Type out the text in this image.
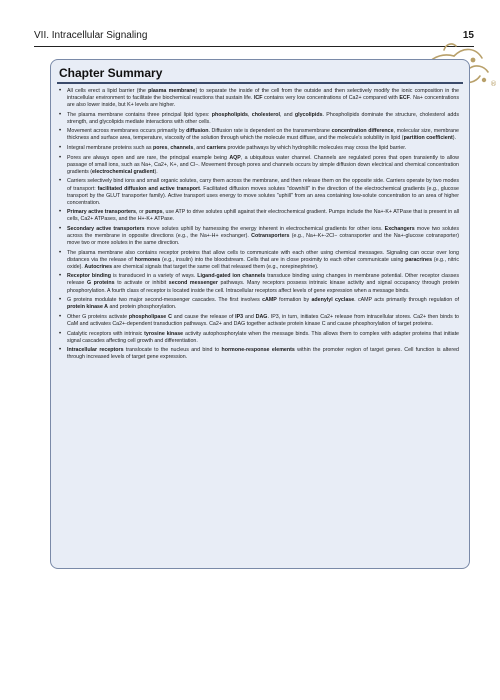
VII. Intracellular Signaling	15
®
Chapter Summary
• All cells erect a lipid barrier (the plasma membrane) to separate the inside of the cell from the outside and then selectively modify the ionic composition in the intracellular environment to facilitate the biochemical reactions that sustain life. ICF contains very low concentrations of Ca2+ compared with ECF. Na+ concentrations are also lower inside, but K+ levels are higher.
• The plasma membrane contains three principal lipid types: phospholipids, cholesterol, and glycolipids. Phospholipids dominate the structure, cholesterol adds strength, and glycolipids mediate interactions with other cells.
• Movement across membranes occurs primarily by diffusion. Diffusion rate is dependent on the transmembrane concentration difference, molecular size, membrane thickness and surface area, temperature, viscosity of the solution through which the molecule must diffuse, and the molecule's solubility in lipid (partition coefficient).
• Integral membrane proteins such as pores, channels, and carriers provide pathways by which hydrophilic molecules may cross the lipid barrier.
• Pores are always open and are rare, the principal example being AQP, a ubiquitous water channel. Channels are regulated pores that open transiently to allow passage of small ions, such as Na+, Ca2+, K+, and Cl−. Movement through pores and channels occurs by simple diffusion down electrical and chemical concentration gradients (electrochemical gradient).
• Carriers selectively bind ions and small organic solutes, carry them across the membrane, and then release them on the opposite side. Carriers operate by two modes of transport: facilitated diffusion and active transport. Facilitated diffusion moves solutes "downhill" in the direction of the electrochemical gradients (e.g., glucose transport by the GLUT transporter family). Active transport uses energy to move solutes "uphill" from an area containing low-solute concentration to an area of higher concentration.
• Primary active transporters, or pumps, use ATP to drive solutes uphill against their electrochemical gradient. Pumps include the Na+-K+ ATPase that is present in all cells, Ca2+ ATPases, and the H+-K+ ATPase.
• Secondary active transporters move solutes uphill by harnessing the energy inherent in electrochemical gradients for other ions. Exchangers move two solutes across the membrane in opposite directions (e.g., the Na+-H+ exchanger). Cotransporters (e.g., Na+-K+-2Cl− cotransporter and the Na+-glucose cotransporter) move two or more solutes in the same direction.
• The plasma membrane also contains receptor proteins that allow cells to communicate with each other using chemical messages. Signaling can occur over long distances via the release of hormones (e.g., insulin) into the bloodstream. Cells that are in close proximity to each other communicate using paracrines (e.g., nitric oxide). Autocrines are chemical signals that target the same cell that released them (e.g., norepinephrine).
• Receptor binding is transduced in a variety of ways. Ligand-gated ion channels transduce binding using changes in membrane potential. Other receptor classes release G proteins to activate or inhibit second messenger pathways. Many receptors possess intrinsic kinase activity and signal occupancy through protein phosphorylation. A fourth class of receptor is located inside the cell. Intracellular receptors affect levels of gene expression when a message binds.
• G proteins modulate two major second-messenger cascades. The first involves cAMP formation by adenylyl cyclase. cAMP acts primarily through regulation of protein kinase A and protein phosphorylation.
• Other G proteins activate phospholipase C and cause the release of IP3 and DAG. IP3, in turn, initiates Ca2+ release from intracellular stores. Ca2+ then binds to CaM and activates Ca2+-dependent transduction pathways. Ca2+ and DAG together activate protein kinase C and cause phosphorylation of target proteins.
• Catalytic receptors with intrinsic tyrosine kinase activity autophosphorylate when the message binds. This allows them to complex with adapter proteins that initiate signal cascades affecting cell growth and differentiation.
• Intracellular receptors translocate to the nucleus and bind to hormone-response elements within the promoter region of target genes. Cell function is altered through increased levels of target gene expression.
